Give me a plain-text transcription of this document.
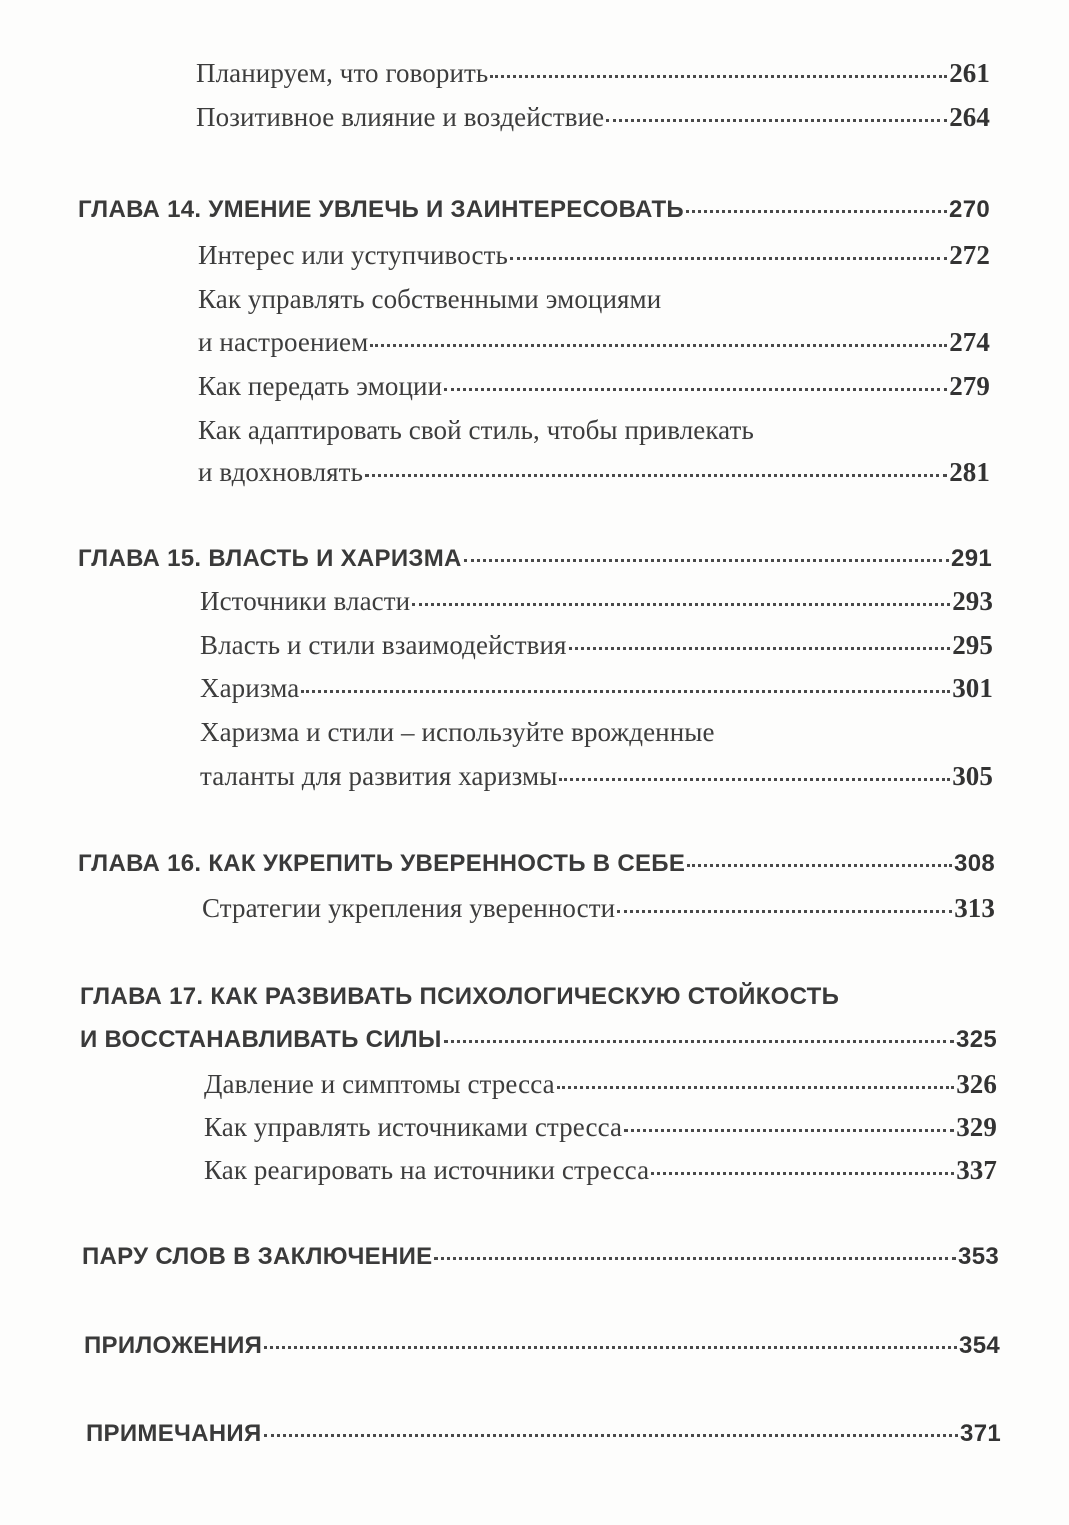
Планируем, что говорить	261
Позитивное влияние и воздействие	264
ГЛАВА 14. УМЕНИЕ УВЛЕЧЬ И ЗАИНТЕРЕСОВАТЬ	270
Интерес или уступчивость	272
Как управлять собственными эмоциями
и настроением	274
Как передать эмоции	279
Как адаптировать свой стиль, чтобы привлекать
и вдохновлять	281
ГЛАВА 15. ВЛАСТЬ И ХАРИЗМА	291
Источники власти	293
Власть и стили взаимодействия	295
Харизма	301
Харизма и стили – используйте врожденные
таланты для развития харизмы	305
ГЛАВА 16. КАК УКРЕПИТЬ УВЕРЕННОСТЬ В СЕБЕ	308
Стратегии укрепления уверенности	313
ГЛАВА 17. КАК РАЗВИВАТЬ ПСИХОЛОГИЧЕСКУЮ СТОЙКОСТЬ
И ВОССТАНАВЛИВАТЬ СИЛЫ	325
Давление и симптомы стресса	326
Как управлять источниками стресса	329
Как реагировать на источники стресса	337
ПАРУ СЛОВ В ЗАКЛЮЧЕНИЕ	353
ПРИЛОЖЕНИЯ	354
ПРИМЕЧАНИЯ	371
